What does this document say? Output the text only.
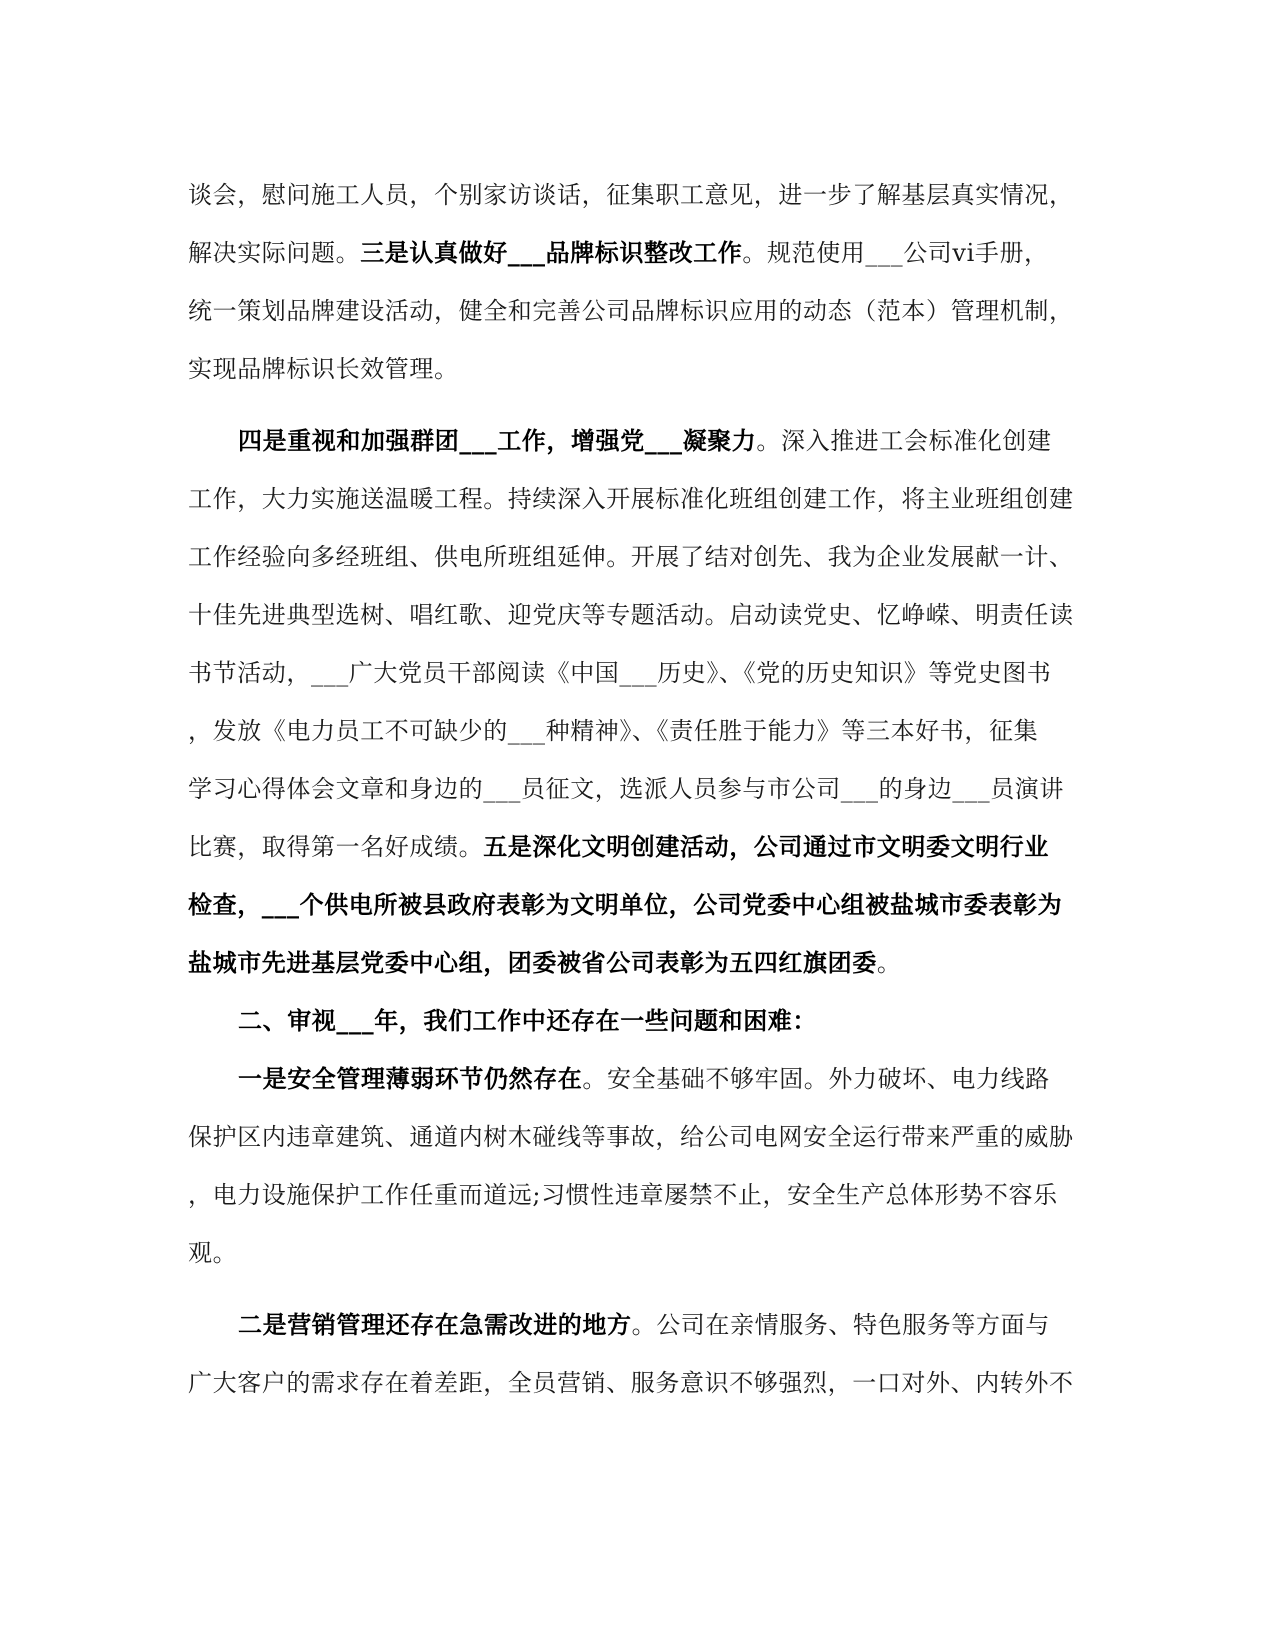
谈会，慰问施工人员，个别家访谈话，征集职工意见，进一步了解基层真实情况，
解决实际问题。三是认真做好___品牌标识整改工作。规范使用___公司vi手册，
统一策划品牌建设活动，健全和完善公司品牌标识应用的动态（范本）管理机制，
实现品牌标识长效管理。
四是重视和加强群团___工作，增强党___凝聚力。深入推进工会标准化创建
工作，大力实施送温暖工程。持续深入开展标准化班组创建工作，将主业班组创建
工作经验向多经班组、供电所班组延伸。开展了结对创先、我为企业发展献一计、
十佳先进典型选树、唱红歌、迎党庆等专题活动。启动读党史、忆峥嵘、明责任读
书节活动，___广大党员干部阅读《中国___历史》、《党的历史知识》等党史图书
，发放《电力员工不可缺少的___种精神》、《责任胜于能力》等三本好书，征集
学习心得体会文章和身边的___员征文，选派人员参与市公司___的身边___员演讲
比赛，取得第一名好成绩。五是深化文明创建活动，公司通过市文明委文明行业
检查，___个供电所被县政府表彰为文明单位，公司党委中心组被盐城市委表彰为
盐城市先进基层党委中心组，团委被省公司表彰为五四红旗团委。
二、审视___年，我们工作中还存在一些问题和困难：
一是安全管理薄弱环节仍然存在。安全基础不够牢固。外力破坏、电力线路
保护区内违章建筑、通道内树木碰线等事故，给公司电网安全运行带来严重的威胁
，电力设施保护工作任重而道远;习惯性违章屡禁不止，安全生产总体形势不容乐
观。
二是营销管理还存在急需改进的地方。公司在亲情服务、特色服务等方面与
广大客户的需求存在着差距，全员营销、服务意识不够强烈，一口对外、内转外不
